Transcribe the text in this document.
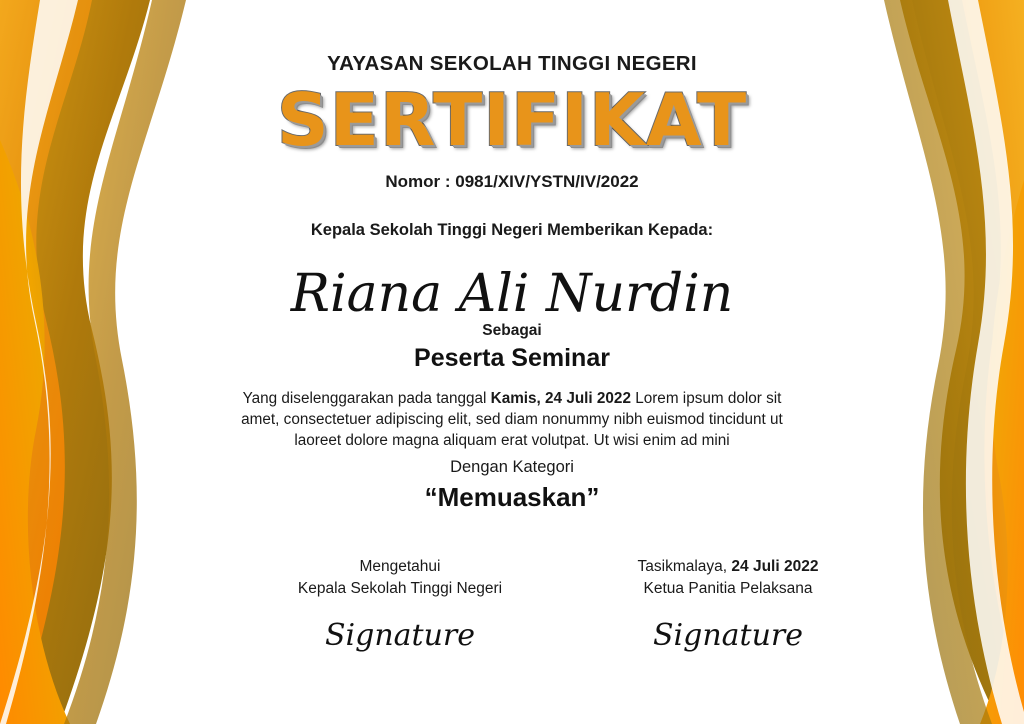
YAYASAN SEKOLAH TINGGI NEGERI
SERTIFIKAT
Nomor : 0981/XIV/YSTN/IV/2022
Kepala Sekolah Tinggi Negeri Memberikan Kepada:
Riana Ali Nurdin
Sebagai
Peserta Seminar
Yang diselenggarakan pada tanggal Kamis, 24 Juli 2022 Lorem ipsum dolor sit amet, consectetuer adipiscing elit, sed diam nonummy nibh euismod tincidunt ut laoreet dolore magna aliquam erat volutpat. Ut wisi enim ad mini
Dengan Kategori
“Memuaskan”
Mengetahui
Kepala Sekolah Tinggi Negeri
Signature
Tasikmalaya, 24 Juli 2022
Ketua Panitia Pelaksana
Signature
